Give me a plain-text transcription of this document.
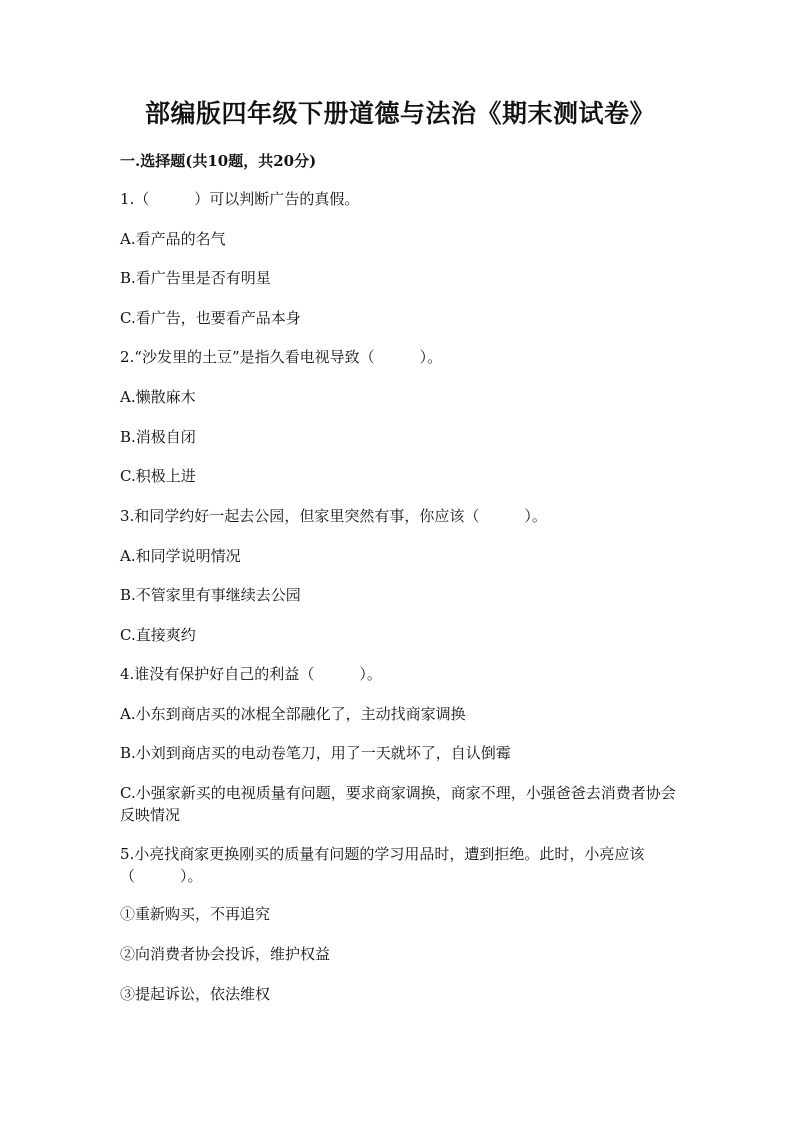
部编版四年级下册道德与法治《期末测试卷》
一.选择题(共10题，共20分)
1.（　　　）可以判断广告的真假。
A.看产品的名气
B.看广告里是否有明星
C.看广告，也要看产品本身
2.“沙发里的土豆”是指久看电视导致（　　　）。
A.懒散麻木
B.消极自闭
C.积极上进
3.和同学约好一起去公园，但家里突然有事，你应该（　　　）。
A.和同学说明情况
B.不管家里有事继续去公园
C.直接爽约
4.谁没有保护好自己的利益（　　　）。
A.小东到商店买的冰棍全部融化了，主动找商家调换
B.小刘到商店买的电动卷笔刀，用了一天就坏了，自认倒霉
C.小强家新买的电视质量有问题，要求商家调换，商家不理，小强爸爸去消费者协会反映情况
5.小亮找商家更换刚买的质量有问题的学习用品时，遭到拒绝。此时，小亮应该（　　　）。
①重新购买，不再追究
②向消费者协会投诉，维护权益
③提起诉讼，依法维权
